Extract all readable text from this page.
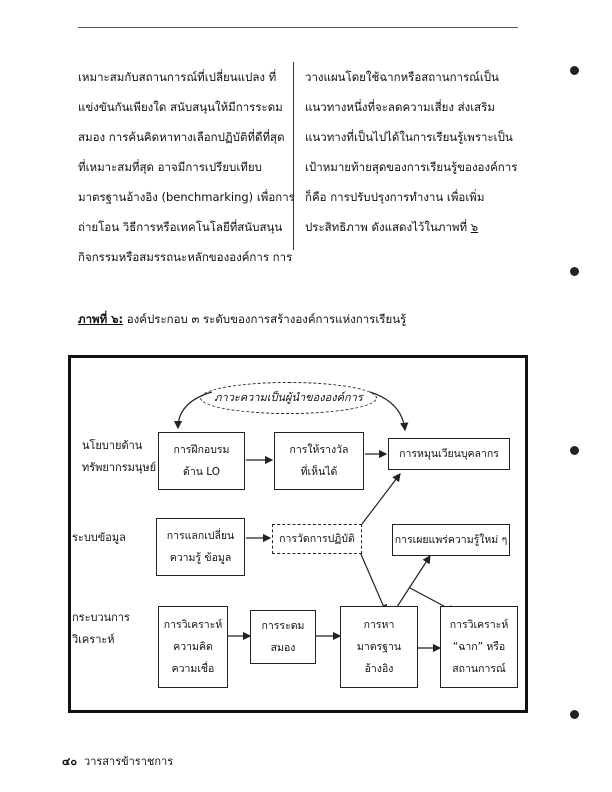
เหมาะสมกับสถานการณ์ที่เปลี่ยนแปลง ที่
แข่งขันกันเพียงใด สนับสนุนให้มีการระดม
สมอง การค้นคิดหาทางเลือกปฏิบัติที่ดีที่สุด
ที่เหมาะสมที่สุด อาจมีการเปรียบเทียบ
มาตรฐานอ้างอิง (benchmarking) เพื่อการ
ถ่ายโอน วิธีการหรือเทคโนโลยีที่สนับสนุน
กิจกรรมหรือสมรรถนะหลักขององค์การ การ
วางแผนโดยใช้ฉากหรือสถานการณ์เป็น
แนวทางหนึ่งที่จะลดความเสี่ยง ส่งเสริม
แนวทางที่เป็นไปได้ในการเรียนรู้เพราะเป็น
เป้าหมายท้ายสุดของการเรียนรู้ขององค์การ
ก็คือ การปรับปรุงการทำงาน เพื่อเพิ่ม
ประสิทธิภาพ ดังแสดงไว้ในภาพที่ ๖
ภาพที่ ๖: องค์ประกอบ ๓ ระดับของการสร้างองค์การแห่งการเรียนรู้
ภาวะความเป็นผู้นำขององค์การ
นโยบายด้าน
ทรัพยากรมนุษย์
ระบบข้อมูล
กระบวนการ
วิเคราะห์
การฝึกอบรม
ด้าน LO
การให้รางวัล
ที่เห็นได้
การหมุนเวียนบุคลากร
การแลกเปลี่ยน
ความรู้ ข้อมูล
การวัดการปฏิบัติ	การเผยแพร่ความรู้ใหม่ ๆ
การวิเคราะห์
ความคิด
ความเชื่อ
การระดม
สมอง
การหา
มาตรฐาน
อ้างอิง
การวิเคราะห์
“ฉาก” หรือ
สถานการณ์
๔๐ วารสารข้าราชการ
